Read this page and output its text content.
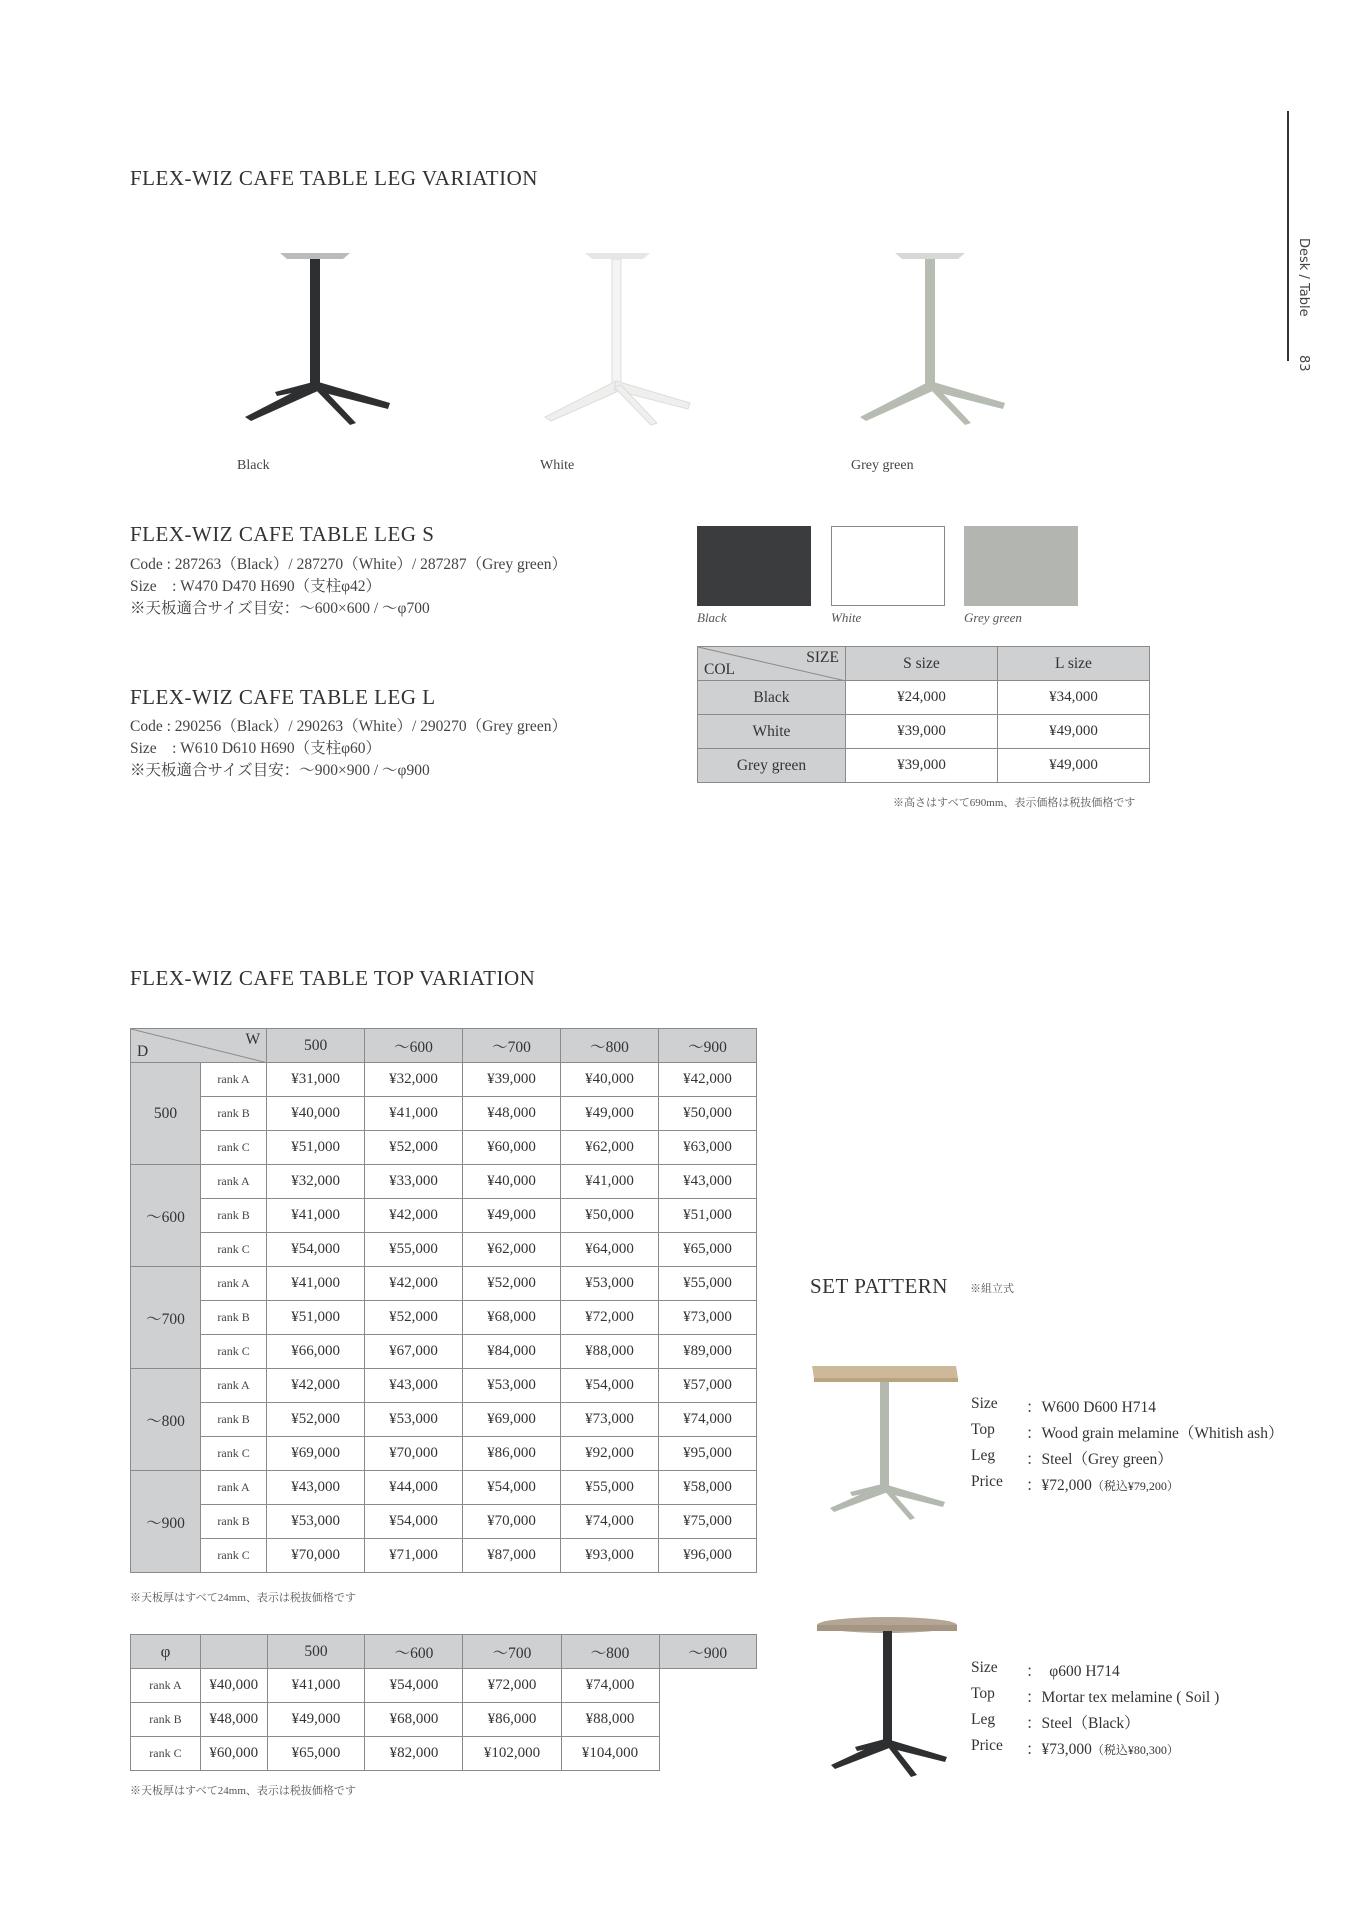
Desk / Table
83
FLEX-WIZ CAFE TABLE LEG VARIATION
Black	White	Grey green
FLEX-WIZ CAFE TABLE LEG S
Code : 287263（Black）/ 287270（White）/ 287287（Grey green）
Size　: W470 D470 H690（支柱φ42）
※天板適合サイズ目安：～600×600 / ～φ700
FLEX-WIZ CAFE TABLE LEG L
Code : 290256（Black）/ 290263（White）/ 290270（Grey green）
Size　: W610 D610 H690（支柱φ60）
※天板適合サイズ目安：～900×900 / ～φ900
Black	White	Grey green
SIZE
COL	S size	L size
Black	¥24,000	¥34,000
White	¥39,000	¥49,000
Grey green	¥39,000	¥49,000
※高さはすべて690mm、表示価格は税抜価格です
FLEX-WIZ CAFE TABLE TOP VARIATION
W
D		500	～600	～700	～800	～900
500	rank A	¥31,000	¥32,000	¥39,000	¥40,000	¥42,000
	rank B	¥40,000	¥41,000	¥48,000	¥49,000	¥50,000
	rank C	¥51,000	¥52,000	¥60,000	¥62,000	¥63,000
～600	rank A	¥32,000	¥33,000	¥40,000	¥41,000	¥43,000
	rank B	¥41,000	¥42,000	¥49,000	¥50,000	¥51,000
	rank C	¥54,000	¥55,000	¥62,000	¥64,000	¥65,000
～700	rank A	¥41,000	¥42,000	¥52,000	¥53,000	¥55,000
	rank B	¥51,000	¥52,000	¥68,000	¥72,000	¥73,000
	rank C	¥66,000	¥67,000	¥84,000	¥88,000	¥89,000
～800	rank A	¥42,000	¥43,000	¥53,000	¥54,000	¥57,000
	rank B	¥52,000	¥53,000	¥69,000	¥73,000	¥74,000
	rank C	¥69,000	¥70,000	¥86,000	¥92,000	¥95,000
～900	rank A	¥43,000	¥44,000	¥54,000	¥55,000	¥58,000
	rank B	¥53,000	¥54,000	¥70,000	¥74,000	¥75,000
	rank C	¥70,000	¥71,000	¥87,000	¥93,000	¥96,000
※天板厚はすべて24mm、表示は税抜価格です
φ		500	～600	～700	～800	～900
rank A	¥40,000	¥41,000	¥54,000	¥72,000	¥74,000	
rank B	¥48,000	¥49,000	¥68,000	¥86,000	¥88,000	
rank C	¥60,000	¥65,000	¥82,000	¥102,000	¥104,000	
※天板厚はすべて24mm、表示は税抜価格です
SET PATTERN ※組立式
Size	：W600 D600 H714
Top	：Wood grain melamine（Whitish ash）
Leg	：Steel（Grey green）
Price	：¥72,000（税込¥79,200）
Size	：　φ600 H714
Top	：Mortar tex melamine ( Soil )
Leg	：Steel（Black）
Price	：¥73,000（税込¥80,300）
